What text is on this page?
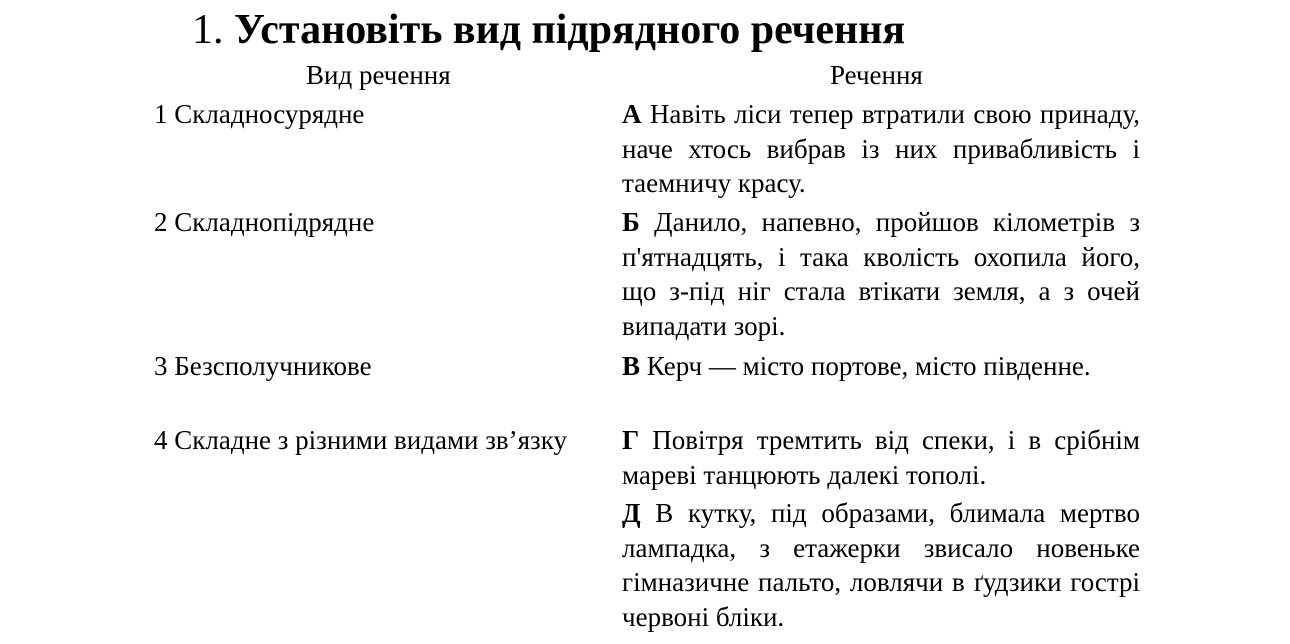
1. Установіть вид підрядного речення
Вид речення	Речення
1 Складносурядне
2 Складнопідрядне
3 Безсполучникове
4 Складне з різними видами зв’язку
А Навіть ліси тепер втратили свою принаду, наче хтось вибрав із них привабливість і таемничу красу.
Б Данило, напевно, пройшов кілометрів з п'ятнадцять, і така кволість охопила його, що з-під ніг стала втікати земля, а з очей випадати зорі.
В Керч — місто портове, місто південне.
Г Повітря тремтить від спеки, і в срібнім мареві танцюють далекі тополі.
Д В кутку, під образами, блимала мертво лампадка, з етажерки звисало новеньке гімназичне пальто, ловлячи в ґудзики гострі червоні бліки.
